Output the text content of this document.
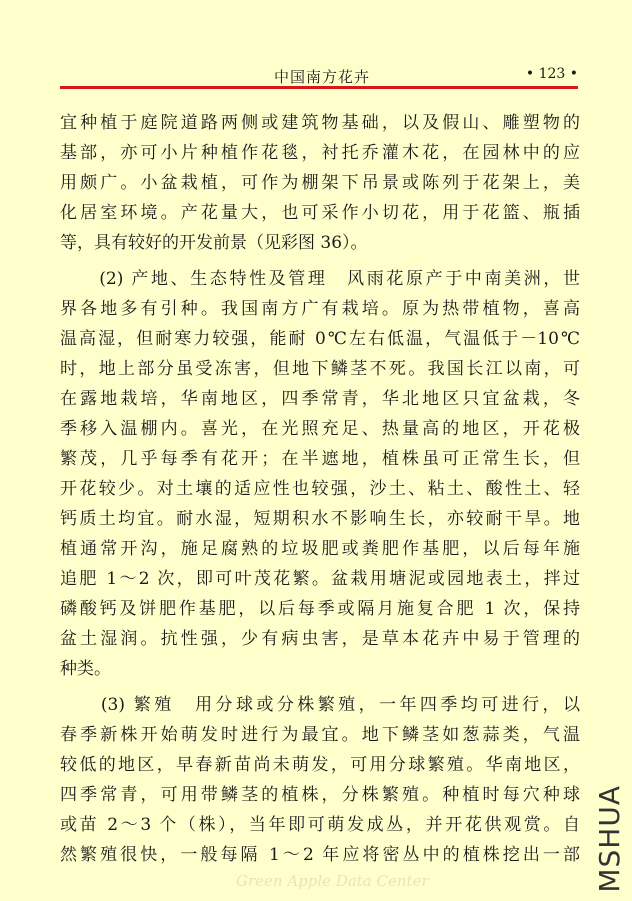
中国南方花卉	• 123 •
宜种植于庭院道路两侧或建筑物基础，以及假山、雕塑物的
基部，亦可小片种植作花毯，衬托乔灌木花，在园林中的应
用颇广。小盆栽植，可作为棚架下吊景或陈列于花架上，美
化居室环境。产花量大，也可采作小切花，用于花篮、瓶插
等，具有较好的开发前景（见彩图 36）。
　　(2) 产地、生态特性及管理　风雨花原产于中南美洲，世
界各地多有引种。我国南方广有栽培。原为热带植物，喜高
温高湿，但耐寒力较强，能耐 0℃左右低温，气温低于－10℃
时，地上部分虽受冻害，但地下鳞茎不死。我国长江以南，可
在露地栽培，华南地区，四季常青，华北地区只宜盆栽，冬
季移入温棚内。喜光，在光照充足、热量高的地区，开花极
繁茂，几乎每季有花开；在半遮地，植株虽可正常生长，但
开花较少。对土壤的适应性也较强，沙土、粘土、酸性土、轻
钙质土均宜。耐水湿，短期积水不影响生长，亦较耐干旱。地
植通常开沟，施足腐熟的垃圾肥或粪肥作基肥，以后每年施
追肥 1～2 次，即可叶茂花繁。盆栽用塘泥或园地表土，拌过
磷酸钙及饼肥作基肥，以后每季或隔月施复合肥 1 次，保持
盆土湿润。抗性强，少有病虫害，是草本花卉中易于管理的
种类。
　　(3) 繁殖　用分球或分株繁殖，一年四季均可进行，以
春季新株开始萌发时进行为最宜。地下鳞茎如葱蒜类，气温
较低的地区，早春新苗尚未萌发，可用分球繁殖。华南地区，
四季常青，可用带鳞茎的植株，分株繁殖。种植时每穴种球
或苗 2～3 个（株），当年即可萌发成丛，并开花供观赏。自
然繁殖很快，一般每隔 1～2 年应将密丛中的植株挖出一部 MSHUA
Green Apple Data Center
